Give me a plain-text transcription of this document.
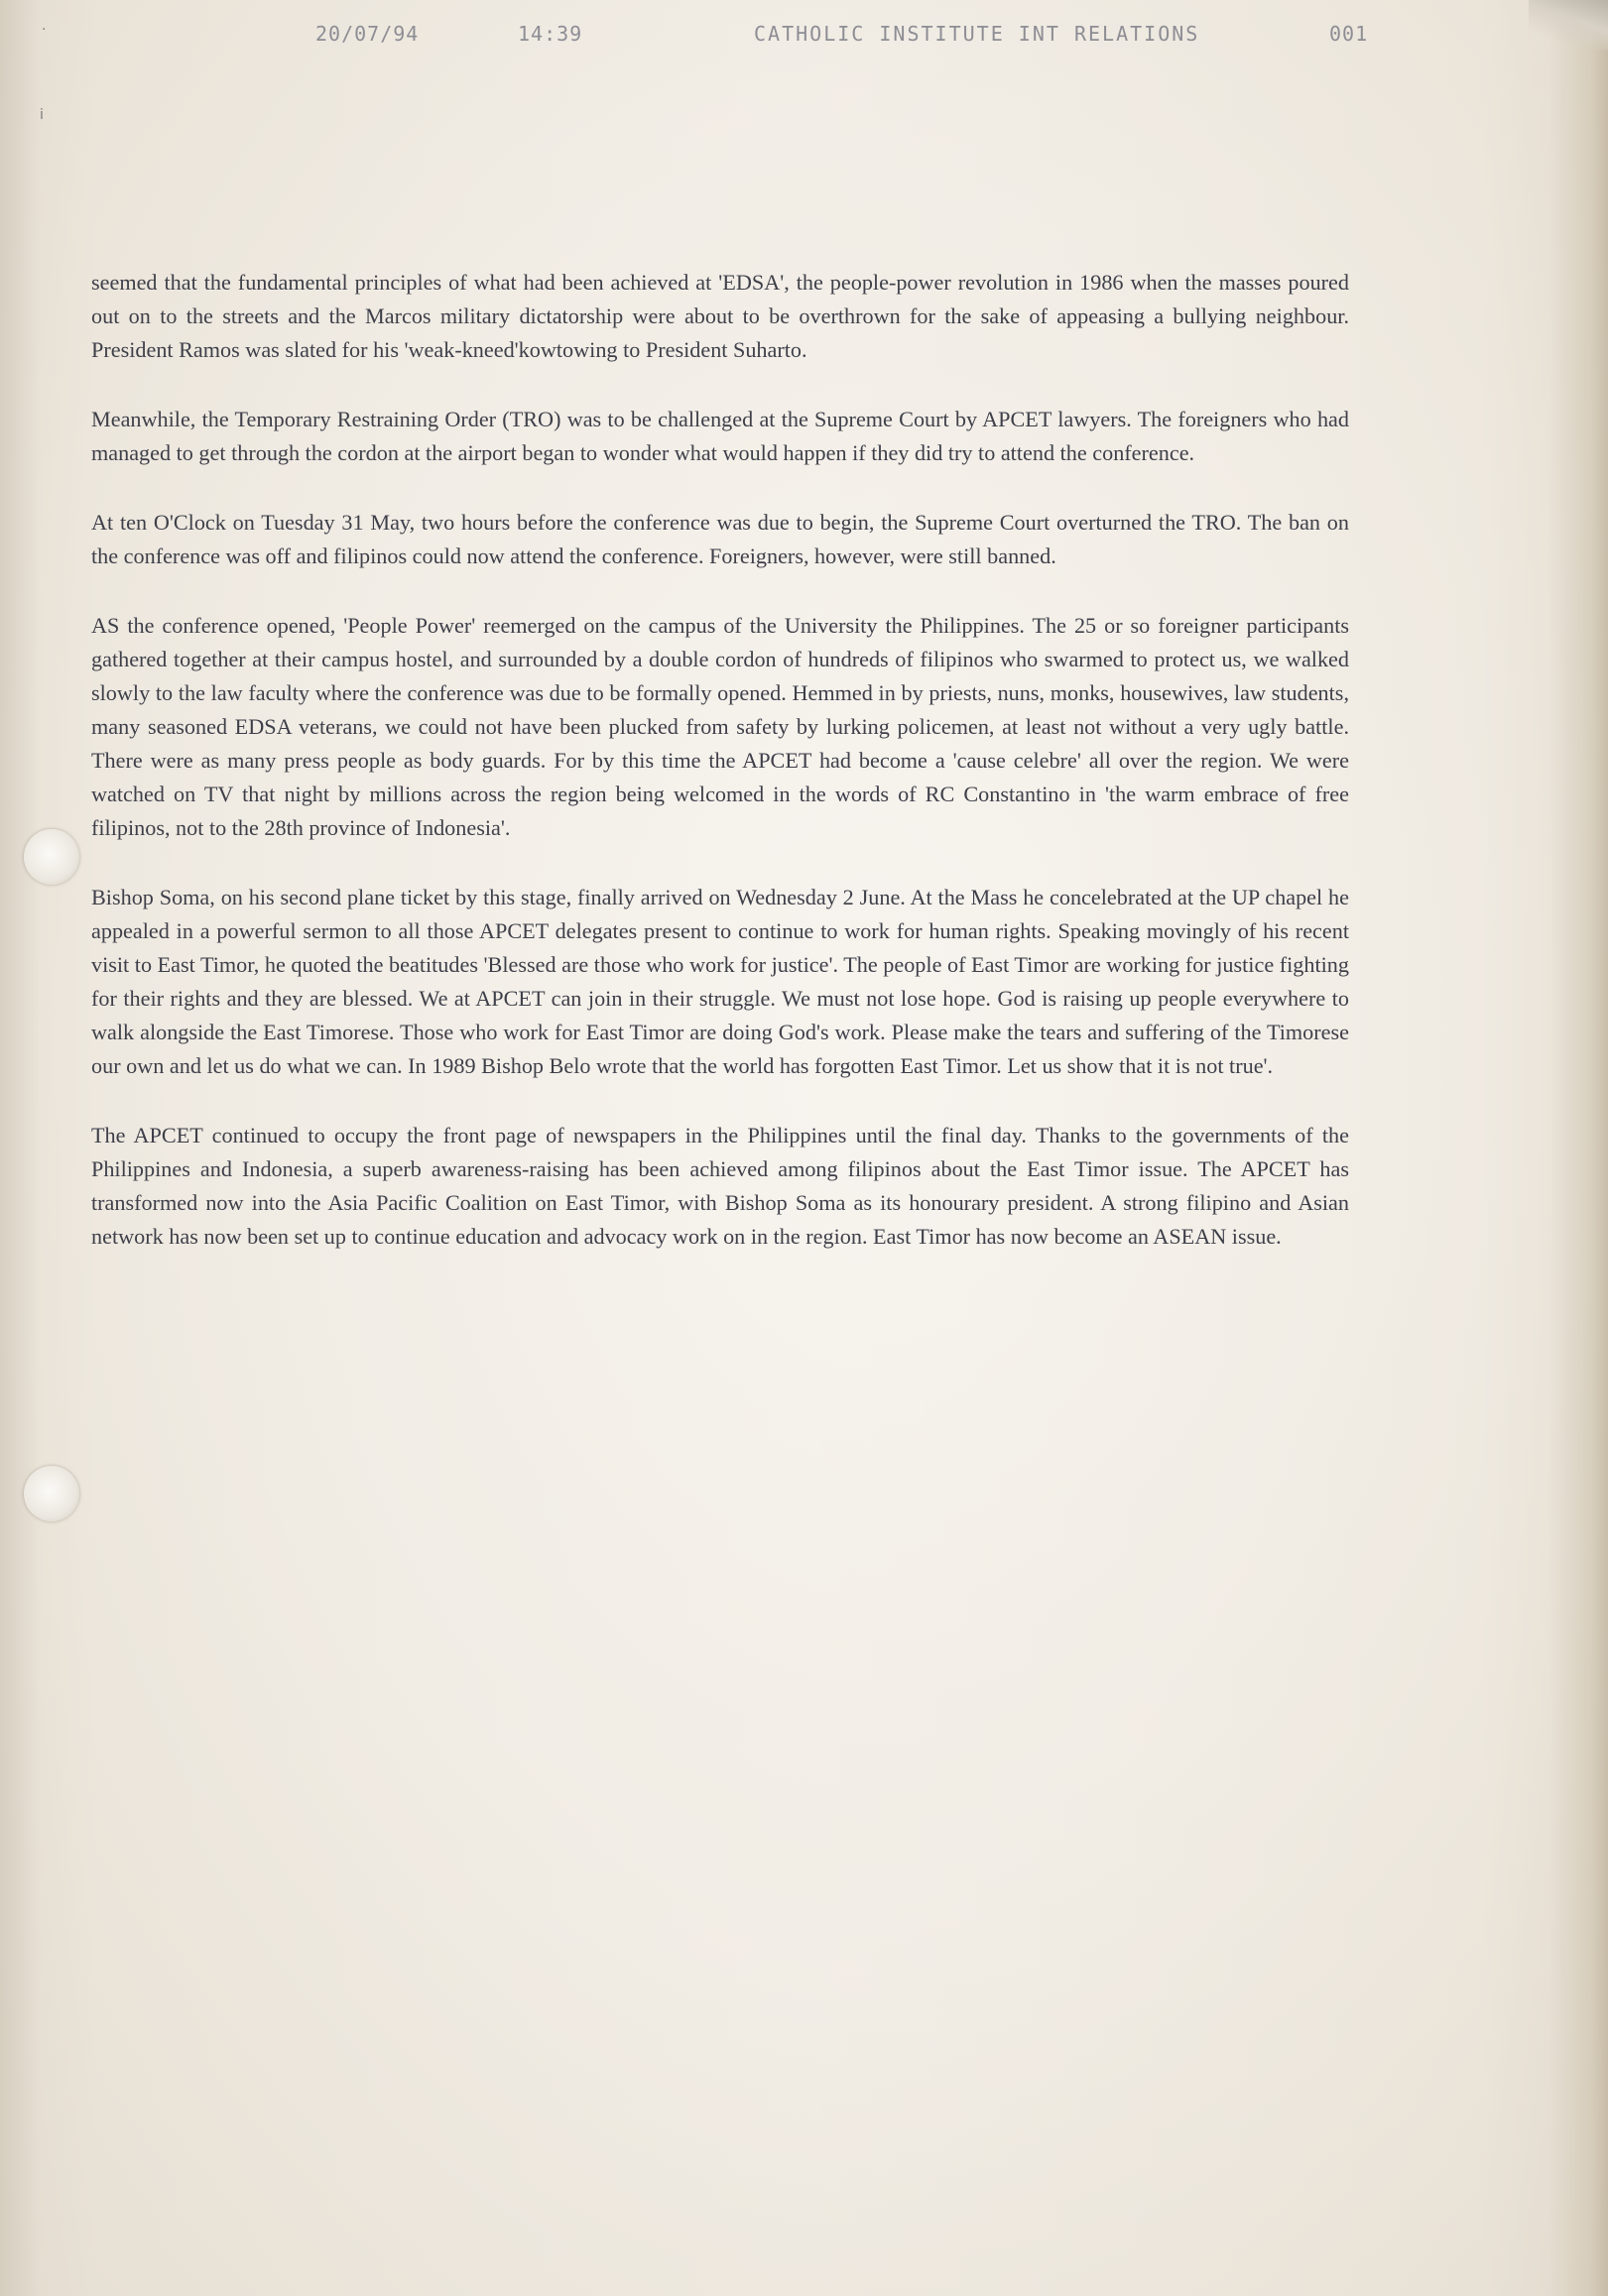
20/07/94	14:39	CATHOLIC INSTITUTE INT RELATIONS	001
·
ⅰ

seemed that the fundamental principles of what had been achieved at 'EDSA', the people-power revolution in 1986 when the masses poured out on to the streets and the Marcos military dictatorship were about to be overthrown for the sake of appeasing a bullying neighbour. President Ramos was slated for his 'weak-kneed'kowtowing to President Suharto.

Meanwhile, the Temporary Restraining Order (TRO) was to be challenged at the Supreme Court by APCET lawyers. The foreigners who had managed to get through the cordon at the airport began to wonder what would happen if they did try to attend the conference.

At ten O'Clock on Tuesday 31 May, two hours before the conference was due to begin, the Supreme Court overturned the TRO. The ban on the conference was off and filipinos could now attend the conference. Foreigners, however, were still banned.

AS the conference opened, 'People Power' reemerged on the campus of the University the Philippines. The 25 or so foreigner participants gathered together at their campus hostel, and surrounded by a double cordon of hundreds of filipinos who swarmed to protect us, we walked slowly to the law faculty where the conference was due to be formally opened. Hemmed in by priests, nuns, monks, housewives, law students, many seasoned EDSA veterans, we could not have been plucked from safety by lurking policemen, at least not without a very ugly battle. There were as many press people as body guards. For by this time the APCET had become a 'cause celebre' all over the region. We were watched on TV that night by millions across the region being welcomed in the words of RC Constantino in 'the warm embrace of free filipinos, not to the 28th province of Indonesia'.

Bishop Soma, on his second plane ticket by this stage, finally arrived on Wednesday 2 June. At the Mass he concelebrated at the UP chapel he appealed in a powerful sermon to all those APCET delegates present to continue to work for human rights. Speaking movingly of his recent visit to East Timor, he quoted the beatitudes 'Blessed are those who work for justice'. The people of East Timor are working for justice fighting for their rights and they are blessed. We at APCET can join in their struggle. We must not lose hope. God is raising up people everywhere to walk alongside the East Timorese. Those who work for East Timor are doing God's work. Please make the tears and suffering of the Timorese our own and let us do what we can. In 1989 Bishop Belo wrote that the world has forgotten East Timor. Let us show that it is not true'.

The APCET continued to occupy the front page of newspapers in the Philippines until the final day. Thanks to the governments of the Philippines and Indonesia, a superb awareness-raising has been achieved among filipinos about the East Timor issue. The APCET has transformed now into the Asia Pacific Coalition on East Timor, with Bishop Soma as its honourary president. A strong filipino and Asian network has now been set up to continue education and advocacy work on in the region. East Timor has now become an ASEAN issue.
